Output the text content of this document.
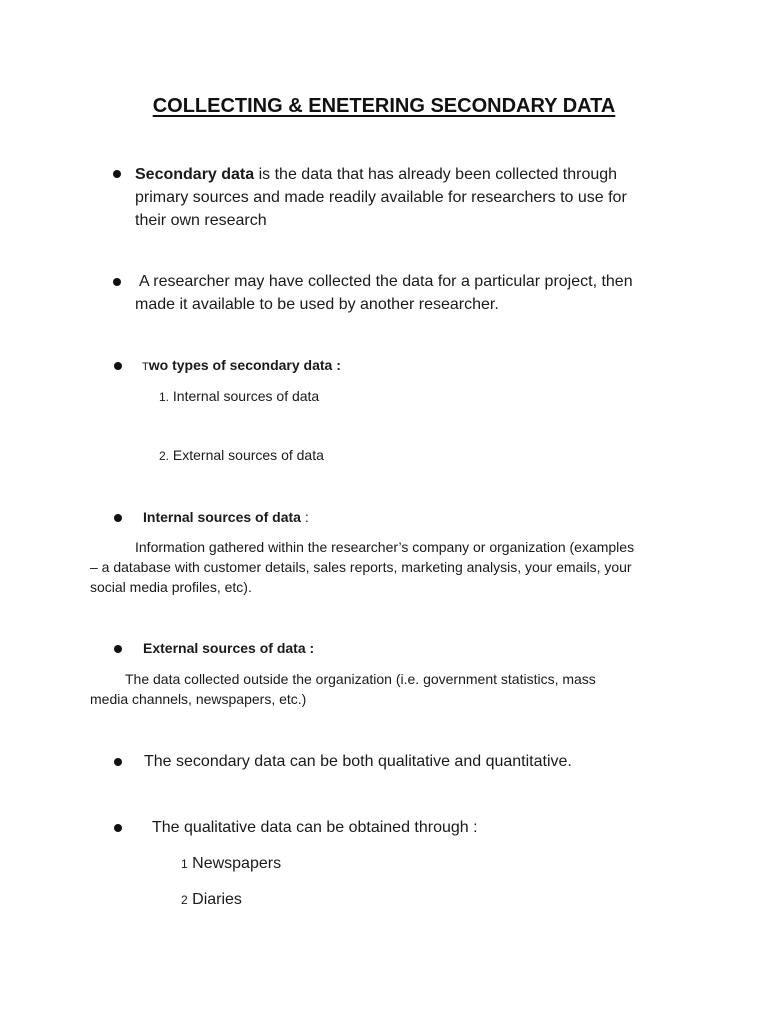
COLLECTING & ENETERING SECONDARY DATA
Secondary data is the data that has already been collected through
primary sources and made readily available for researchers to use for
their own research
A researcher may have collected the data for a particular project, then
made it available to be used by another researcher.
Two types of secondary data :
1. Internal sources of data
2. External sources of data
Internal sources of data :
Information gathered within the researcher’s company or organization (examples
– a database with customer details, sales reports, marketing analysis, your emails, your
social media profiles, etc).
External sources of data :
The data collected outside the organization (i.e. government statistics, mass
media channels, newspapers, etc.)
The secondary data can be both qualitative and quantitative.
The qualitative data can be obtained through :
1 Newspapers
2 Diaries
